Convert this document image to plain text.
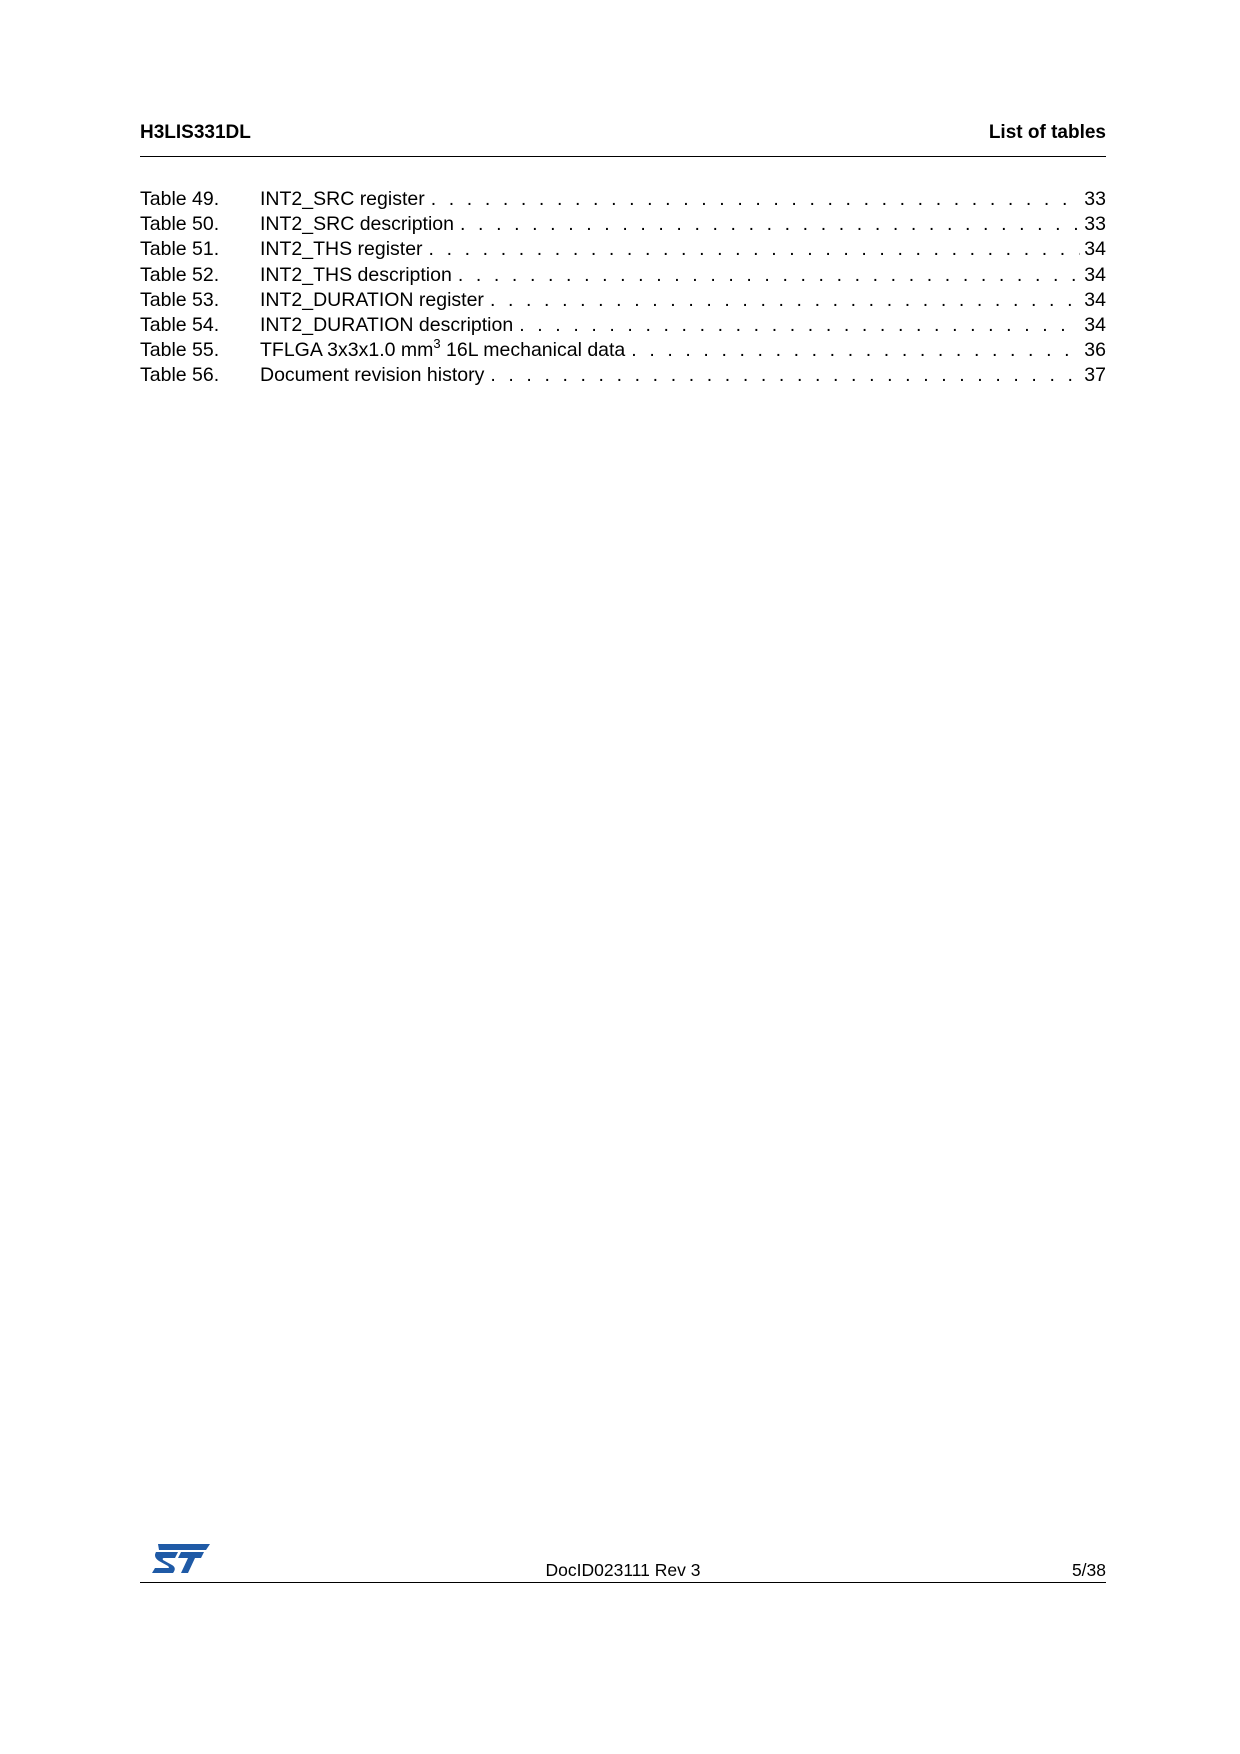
H3LIS331DL	List of tables
Table 49.	INT2_SRC register . . .	33
Table 50.	INT2_SRC description . . .	33
Table 51.	INT2_THS register . . .	34
Table 52.	INT2_THS description . . .	34
Table 53.	INT2_DURATION register . . .	34
Table 54.	INT2_DURATION description . . .	34
Table 55.	TFLGA 3x3x1.0 $mm^3$ 16L mechanical data . . .	36
Table 56.	Document revision history . . .	37
DocID023111 Rev 3	5/38
